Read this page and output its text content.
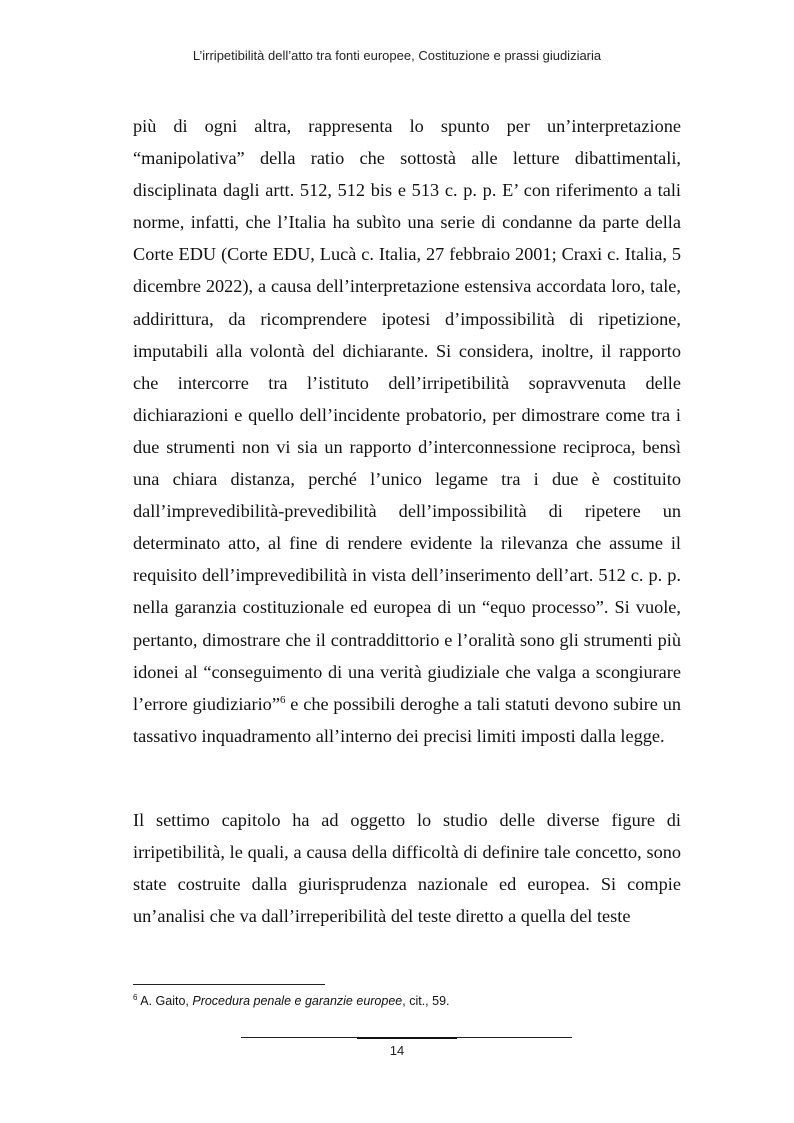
L’irripetibilità dell’atto tra fonti europee, Costituzione e prassi giudiziaria

più di ogni altra, rappresenta lo spunto per un’interpretazione “manipolativa” della ratio che sottostà alle letture dibattimentali, disciplinata dagli artt. 512, 512 bis e 513 c. p. p. E’ con riferimento a tali norme, infatti, che l’Italia ha subìto una serie di condanne da parte della Corte EDU (Corte EDU, Lucà c. Italia, 27 febbraio 2001; Craxi c. Italia, 5 dicembre 2022), a causa dell’interpretazione estensiva accordata loro, tale, addirittura, da ricomprendere ipotesi d’impossibilità di ripetizione, imputabili alla volontà del dichiarante. Si considera, inoltre, il rapporto che intercorre tra l’istituto dell’irripetibilità sopravvenuta delle dichiarazioni e quello dell’incidente probatorio, per dimostrare come tra i due strumenti non vi sia un rapporto d’interconnessione reciproca, bensì una chiara distanza, perché l’unico legame tra i due è costituito dall’imprevedibilità-prevedibilità dell’impossibilità di ripetere un determinato atto, al fine di rendere evidente la rilevanza che assume il requisito dell’imprevedibilità in vista dell’inserimento dell’art. 512 c. p. p. nella garanzia costituzionale ed europea di un “equo processo”. Si vuole, pertanto, dimostrare che il contraddittorio e l’oralità sono gli strumenti più idonei al “conseguimento di una verità giudiziale che valga a scongiurare l’errore giudiziario”$^6$ e che possibili deroghe a tali statuti devono subire un tassativo inquadramento all’interno dei precisi limiti imposti dalla legge.

Il settimo capitolo ha ad oggetto lo studio delle diverse figure di irripetibilità, le quali, a causa della difficoltà di definire tale concetto, sono state costruite dalla giurisprudenza nazionale ed europea. Si compie un’analisi che va dall’irreperibilità del teste diretto a quella del teste

$^6$ A. Gaito, Procedura penale e garanzie europee, cit., 59.
14
